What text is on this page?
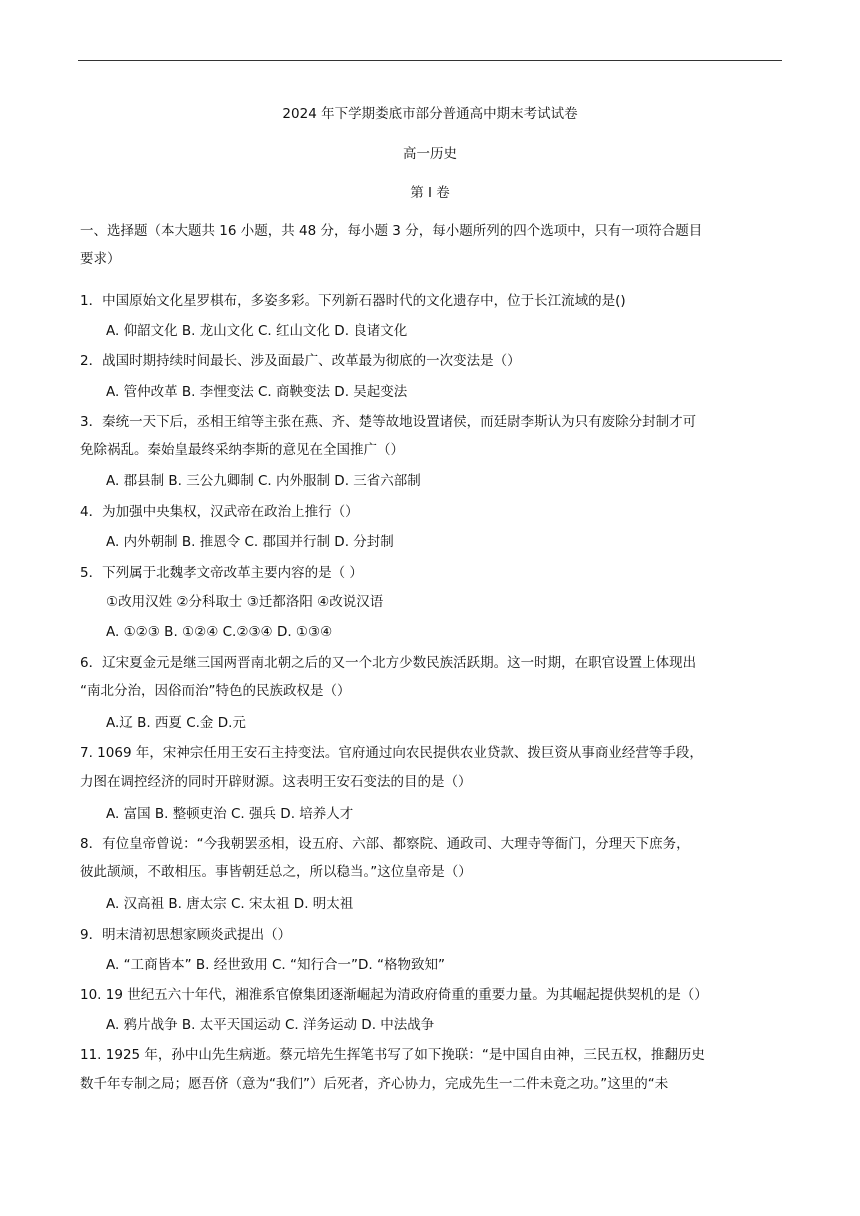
2024 年下学期娄底市部分普通高中期末考试试卷
高一历史
第 I 卷
一、选择题（本大题共 16 小题，共 48 分，每小题 3 分，每小题所列的四个选项中，只有一项符合题目
要求）
1．中国原始文化星罗棋布，多姿多彩。下列新石器时代的文化遗存中，位于长江流域的是()
A. 仰韶文化 B. 龙山文化 C. 红山文化 D. 良诸文化
2．战国时期持续时间最长、涉及面最广、改革最为彻底的一次变法是（）
A. 管仲改革 B. 李悝变法 C. 商鞅变法 D. 吴起变法
3．秦统一天下后，丞相王绾等主张在燕、齐、楚等故地设置诸侯，而廷尉李斯认为只有废除分封制才可
免除祸乱。秦始皇最终采纳李斯的意见在全国推广（）
A. 郡县制 B. 三公九卿制 C. 内外服制 D. 三省六部制
4．为加强中央集权，汉武帝在政治上推行（）
A. 内外朝制 B. 推恩令 C. 郡国并行制 D. 分封制
5．下列属于北魏孝文帝改革主要内容的是（ ）
①改用汉姓 ②分科取士 ③迁都洛阳 ④改说汉语
A. ①②③ B. ①②④ C.②③④ D. ①③④
6．辽宋夏金元是继三国两晋南北朝之后的又一个北方少数民族活跃期。这一时期，在职官设置上体现出
“南北分治，因俗而治”特色的民族政权是（）
A.辽 B. 西夏 C.金 D.元
7. 1069 年，宋神宗任用王安石主持变法。官府通过向农民提供农业贷款、拨巨资从事商业经营等手段，
力图在调控经济的同时开辟财源。这表明王安石变法的目的是（）
A. 富国 B. 整顿吏治 C. 强兵 D. 培养人才
8．有位皇帝曾说：“今我朝罢丞相，设五府、六部、都察院、通政司、大理寺等衙门，分理天下庶务，
彼此颉颃，不敢相压。事皆朝廷总之，所以稳当。”这位皇帝是（）
A. 汉高祖 B. 唐太宗 C. 宋太祖 D. 明太祖
9．明末清初思想家顾炎武提出（）
A. “工商皆本” B. 经世致用 C. “知行合一”D. “格物致知”
10. 19 世纪五六十年代，湘淮系官僚集团逐渐崛起为清政府倚重的重要力量。为其崛起提供契机的是（）
A. 鸦片战争 B. 太平天国运动 C. 洋务运动 D. 中法战争
11. 1925 年，孙中山先生病逝。蔡元培先生挥笔书写了如下挽联：“是中国自由神，三民五权，推翻历史
数千年专制之局；愿吾侪（意为“我们”）后死者，齐心协力，完成先生一二件未竟之功。”这里的“未
